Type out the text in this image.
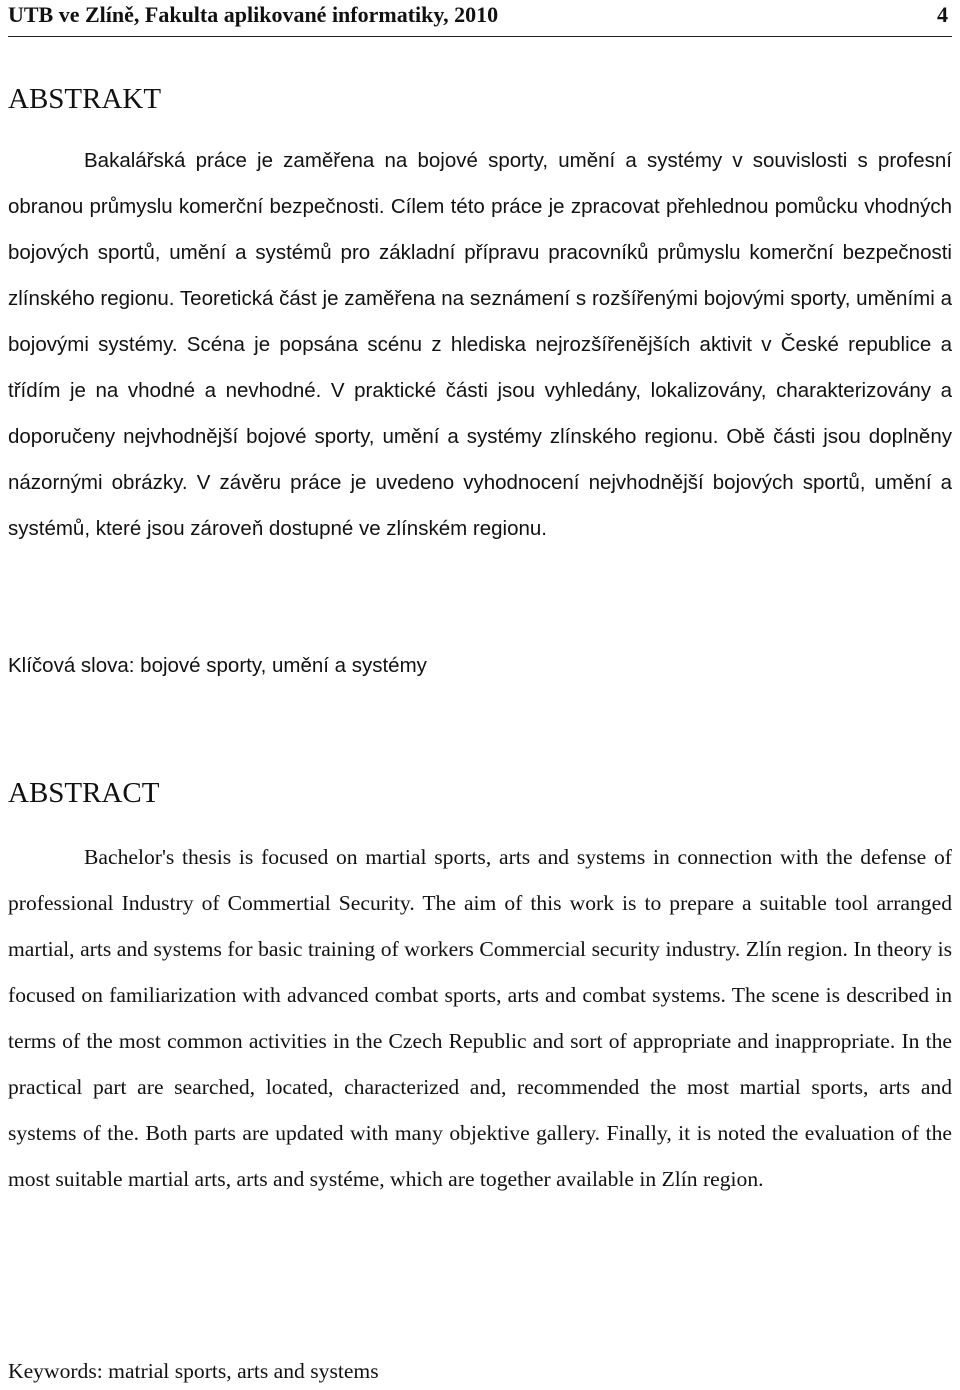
UTB ve Zlíně, Fakulta aplikované informatiky, 2010	4
ABSTRAKT

Bakalářská práce je zaměřena na bojové sporty, umění a systémy v souvislosti s profesní obranou průmyslu komerční bezpečnosti. Cílem této práce je zpracovat přehlednou pomůcku vhodných bojových sportů, umění a systémů pro základní přípravu pracovníků průmyslu komerční bezpečnosti zlínského regionu. Teoretická část je zaměřena na seznámení s rozšířenými bojovými sporty, uměními a bojovými systémy. Scéna je popsána scénu z hlediska nejrozšířenějších aktivit v České republice a třídím je na vhodné a nevhodné. V praktické části jsou vyhledány, lokalizovány, charakterizovány a doporučeny nejvhodnější bojové sporty, umění a systémy zlínského regionu. Obě části jsou doplněny názornými obrázky. V závěru práce je uvedeno vyhodnocení nejvhodnější bojových sportů, umění a systémů, které jsou zároveň dostupné ve zlínském regionu.

Klíčová slova: bojové sporty, umění a systémy

ABSTRACT

Bachelor's thesis is focused on martial sports, arts and systems in connection with the defense of professional Industry of Commertial Security. The aim of this work is to prepare a suitable tool arranged martial, arts and systems for basic training of workers Commercial security industry. Zlín region. In theory is focused on familiarization with advanced combat sports, arts and combat systems. The scene is described in terms of the most common activities in the Czech Republic and sort of appropriate and inappropriate. In the practical part are searched, located, characterized and, recommended the most martial sports, arts and systems of the. Both parts are updated with many objektive gallery. Finally, it is noted the evaluation of the most suitable martial arts, arts and systéme, which are together available in Zlín region.

Keywords: matrial sports, arts and systems
